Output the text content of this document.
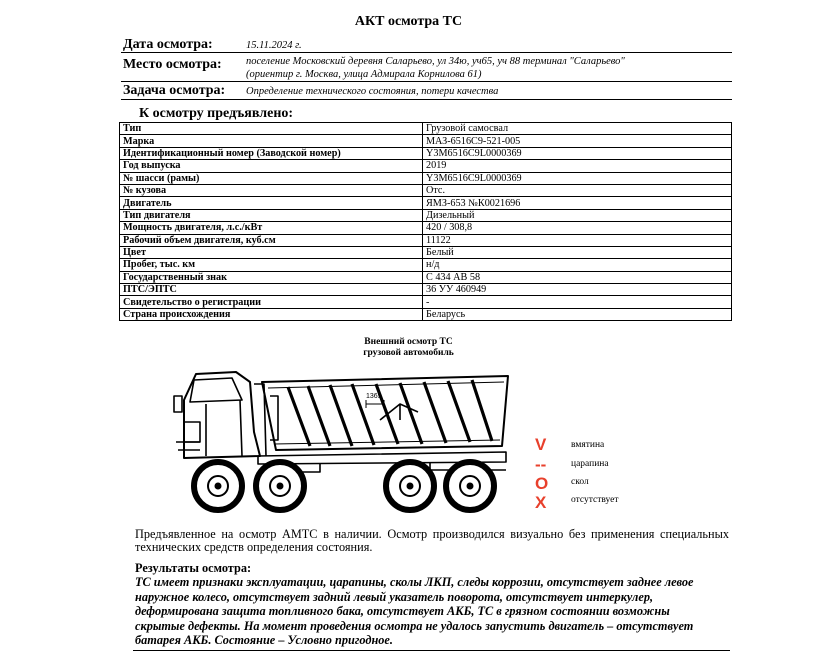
АКТ осмотра ТС
Дата осмотра:	15.11.2024 г.
Место осмотра: поселение Московский деревня Саларьево, ул 34ю, уч65, уч 88 терминал "Саларьево"
(ориентир г. Москва, улица Адмирала Корнилова 61)
Задача осмотра: Определение технического состояния, потери качества
К осмотру предъявлено:
Тип	Грузовой самосвал
Марка	МАЗ-6516С9-521-005
Идентификационный номер (Заводской номер)	Y3M6516C9L0000369
Год выпуска	2019
№ шасси (рамы)	Y3M6516C9L0000369
№ кузова	Отс.
Двигатель	ЯМЗ-653 №К0021696
Тип двигателя	Дизельный
Мощность двигателя, л.с./кВт	420 / 308,8
Рабочий объем двигателя, куб.см	11122
Цвет	Белый
Пробег, тыс. км	н/д
Государственный знак	С 434 АВ 58
ПТС/ЭПТС	36 УУ 460949
Свидетельство о регистрации	-
Страна происхождения	Беларусь
Внешний осмотр ТС
грузовой автомобиль
1365
V	вмятина
--	царапина
O скол
X	отсутствует
Предъявленное на осмотр АМТС в наличии. Осмотр производился визуально без применения специальных технических средств определения состояния.
Результаты осмотра:
ТС имеет признаки эксплуатации, царапины, сколы ЛКП, следы коррозии, отсутствует заднее левое
наружное колесо, отсутствует задний левый указатель поворота, отсутствует интеркулер,
деформирована защита топливного бака, отсутствует АКБ, ТС в грязном состоянии возможны
скрытые дефекты. На момент проведения осмотра не удалось запустить двигатель – отсутствует
батарея АКБ. Состояние – Условно пригодное.
